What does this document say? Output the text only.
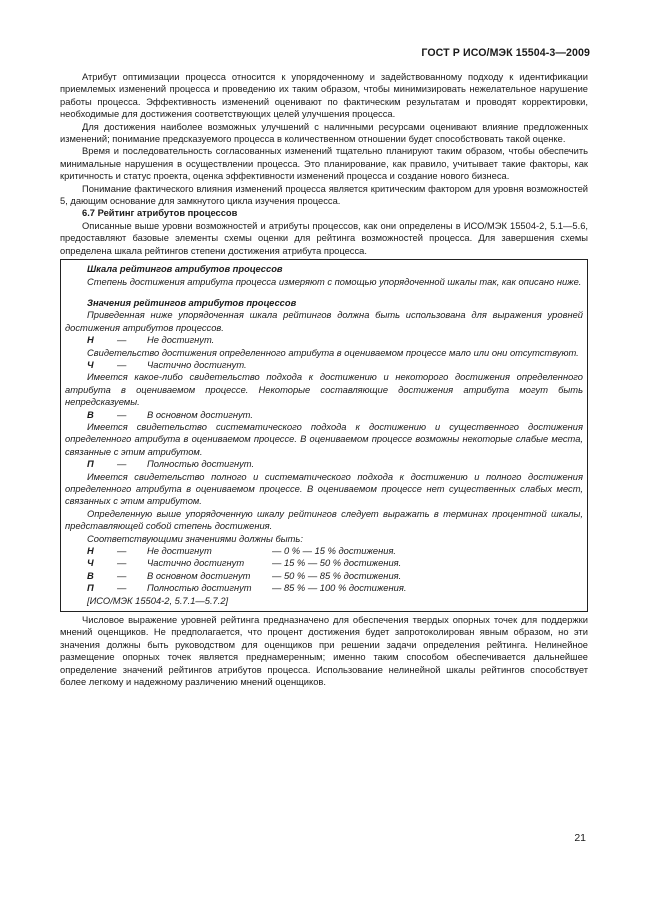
ГОСТ Р ИСО/МЭК 15504-3—2009

Атрибут оптимизации процесса относится к упорядоченному и задействованному подходу к идентификации приемлемых изменений процесса и проведению их таким образом, чтобы минимизировать нежелательное нарушение работы процесса. Эффективность изменений оценивают по фактическим результатам и проводят корректировки, необходимые для достижения соответствующих целей улучшения процесса.

Для достижения наиболее возможных улучшений с наличными ресурсами оценивают влияние предложенных изменений; понимание предсказуемого процесса в количественном отношении будет способствовать такой оценке.

Время и последовательность согласованных изменений тщательно планируют таким образом, чтобы обеспечить минимальные нарушения в осуществлении процесса. Это планирование, как правило, учитывает такие факторы, как критичность и статус проекта, оценка эффективности изменений процесса и создание нового бизнеса.

Понимание фактического влияния изменений процесса является критическим фактором для уровня возможностей 5, дающим основание для замкнутого цикла изучения процесса.

6.7 Рейтинг атрибутов процессов

Описанные выше уровни возможностей и атрибуты процессов, как они определены в ИСО/МЭК 15504-2, 5.1—5.6, предоставляют базовые элементы схемы оценки для рейтинга возможностей процесса. Для завершения схемы определена шкала рейтингов степени достижения атрибута процесса.

Шкала рейтингов атрибутов процессов

Степень достижения атрибута процесса измеряют с помощью упорядоченной шкалы так, как описано ниже.

Значения рейтингов атрибутов процессов

Приведенная ниже упорядоченная шкала рейтингов должна быть использована для выражения уровней достижения атрибутов процессов.

Н	—	Не достигнут.

Свидетельство достижения определенного атрибута в оцениваемом процессе мало или они отсутствуют.

Ч	—	Частично достигнут.

Имеется какое-либо свидетельство подхода к достижению и некоторого достижения определенного атрибута в оцениваемом процессе. Некоторые составляющие достижения атрибута могут быть непредсказуемы.

В	—	В основном достигнут.

Имеется свидетельство систематического подхода к достижению и существенного достижения определенного атрибута в оцениваемом процессе. В оцениваемом процессе возможны некоторые слабые места, связанные с этим атрибутом.

П	—	Полностью достигнут.

Имеется свидетельство полного и систематического подхода к достижению и полного достижения определенного атрибута в оцениваемом процессе. В оцениваемом процессе нет существенных слабых мест, связанных с этим атрибутом.

Определенную выше упорядоченную шкалу рейтингов следует выражать в терминах процентной шкалы, представляющей собой степень достижения.

Соответствующими значениями должны быть:

Н	—	Не достигнут	— 0 % — 15 % достижения.
Ч	—	Частично достигнут	— 15 % — 50 % достижения.
В	—	В основном достигнут	— 50 % — 85 % достижения.
П	—	Полностью достигнут	— 85 % — 100 % достижения.

[ИСО/МЭК 15504-2, 5.7.1—5.7.2]

Числовое выражение уровней рейтинга предназначено для обеспечения твердых опорных точек для поддержки мнений оценщиков. Не предполагается, что процент достижения будет запротоколирован явным образом, но эти значения должны быть руководством для оценщиков при решении задачи определения рейтинга. Нелинейное размещение опорных точек является преднамеренным; именно таким способом обеспечивается дальнейшее определение значений рейтингов атрибутов процесса. Использование нелинейной шкалы рейтингов способствует более легкому и надежному различению мнений оценщиков.

21
